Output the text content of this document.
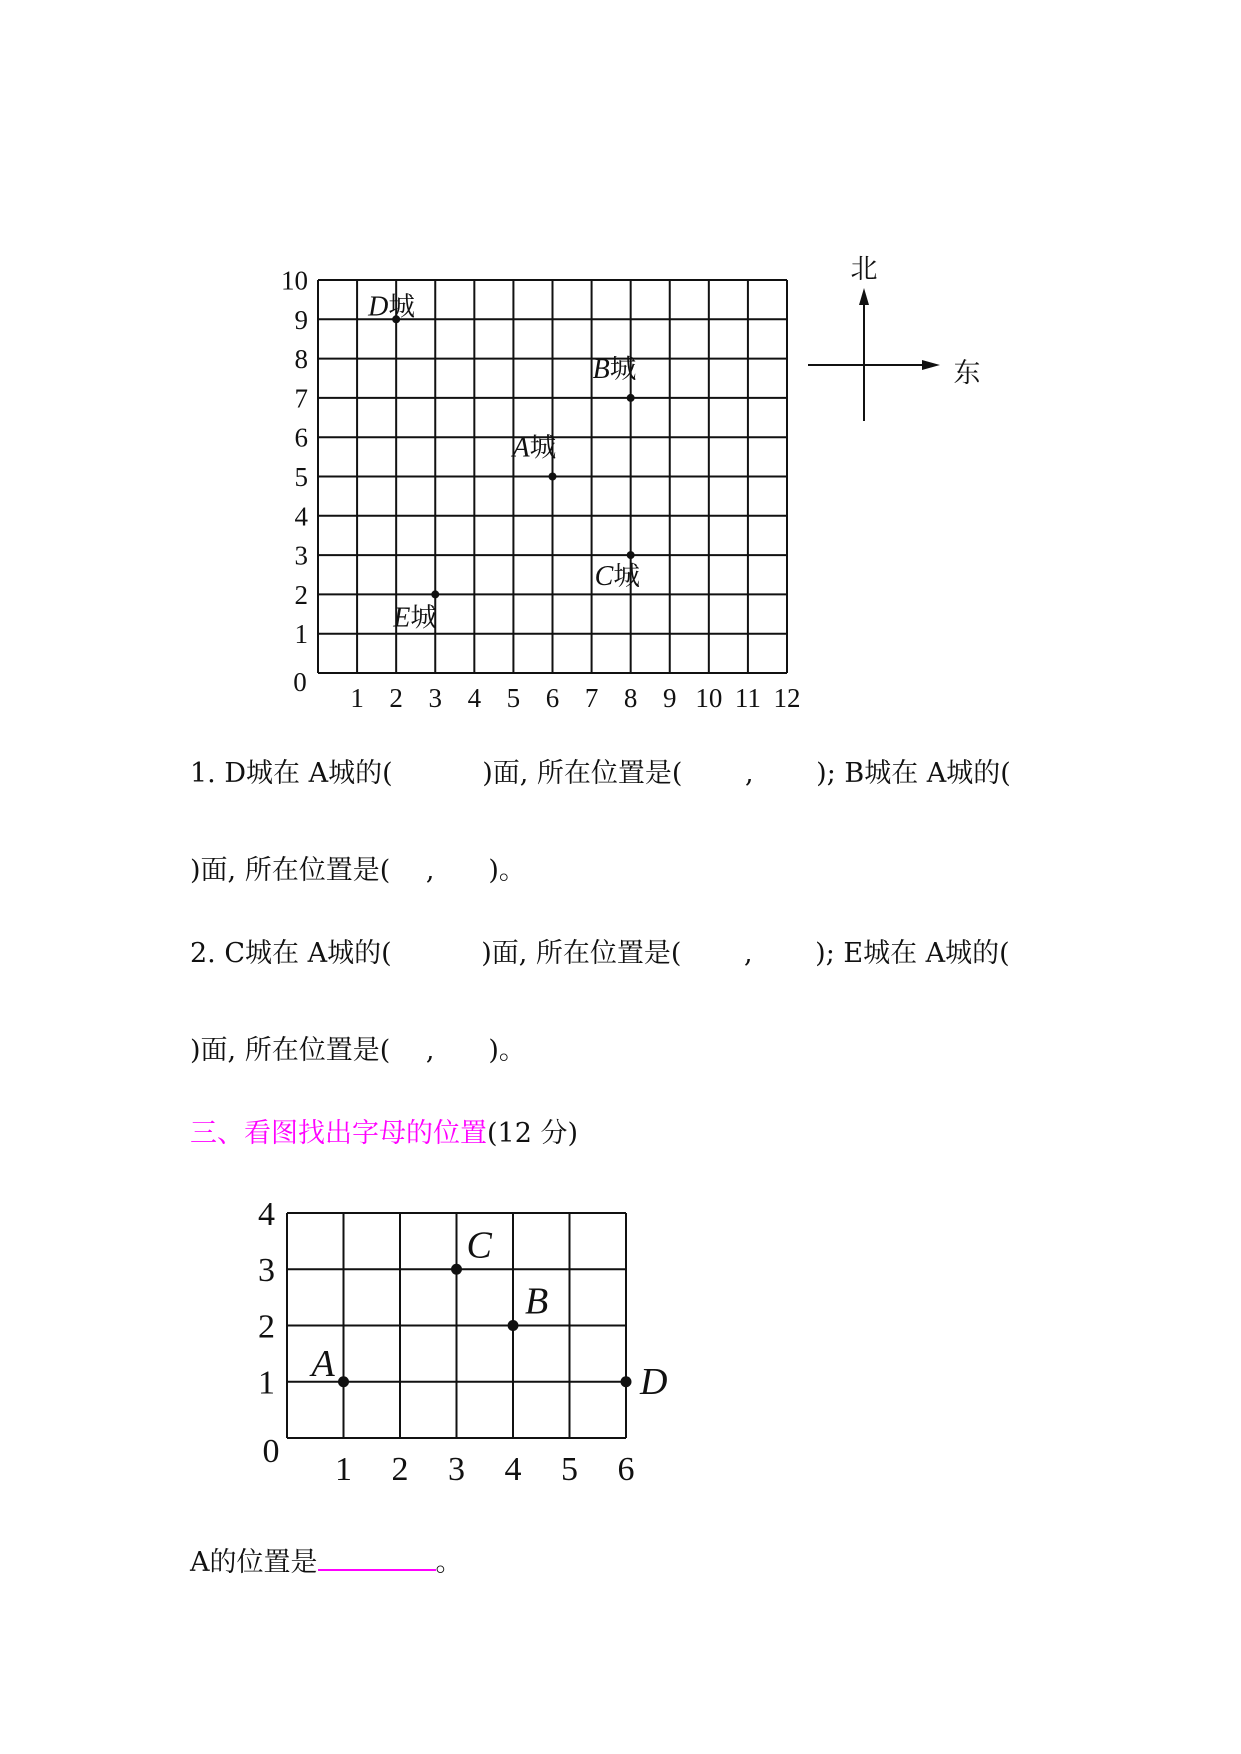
0
1 2 3 4 5 6 7 8 9 10 11 12
1
2
3
4
5
6
7
8
9
10
D城
B城
A城
C城
E城
北
东
0 1 2 3 4 5 6
1
2
3
4
A
C
B
D
1. D城在 A城的(　　　 )面, 所在位置是(　　 ,　　 ); B城在 A城的(
)面, 所在位置是(　 ,　　)。
2. C城在 A城的(　　　 )面, 所在位置是(　　 ,　　 ); E城在 A城的(
)面, 所在位置是(　 ,　　)。
三、看图找出字母的位置(12 分)
A的位置是	。
